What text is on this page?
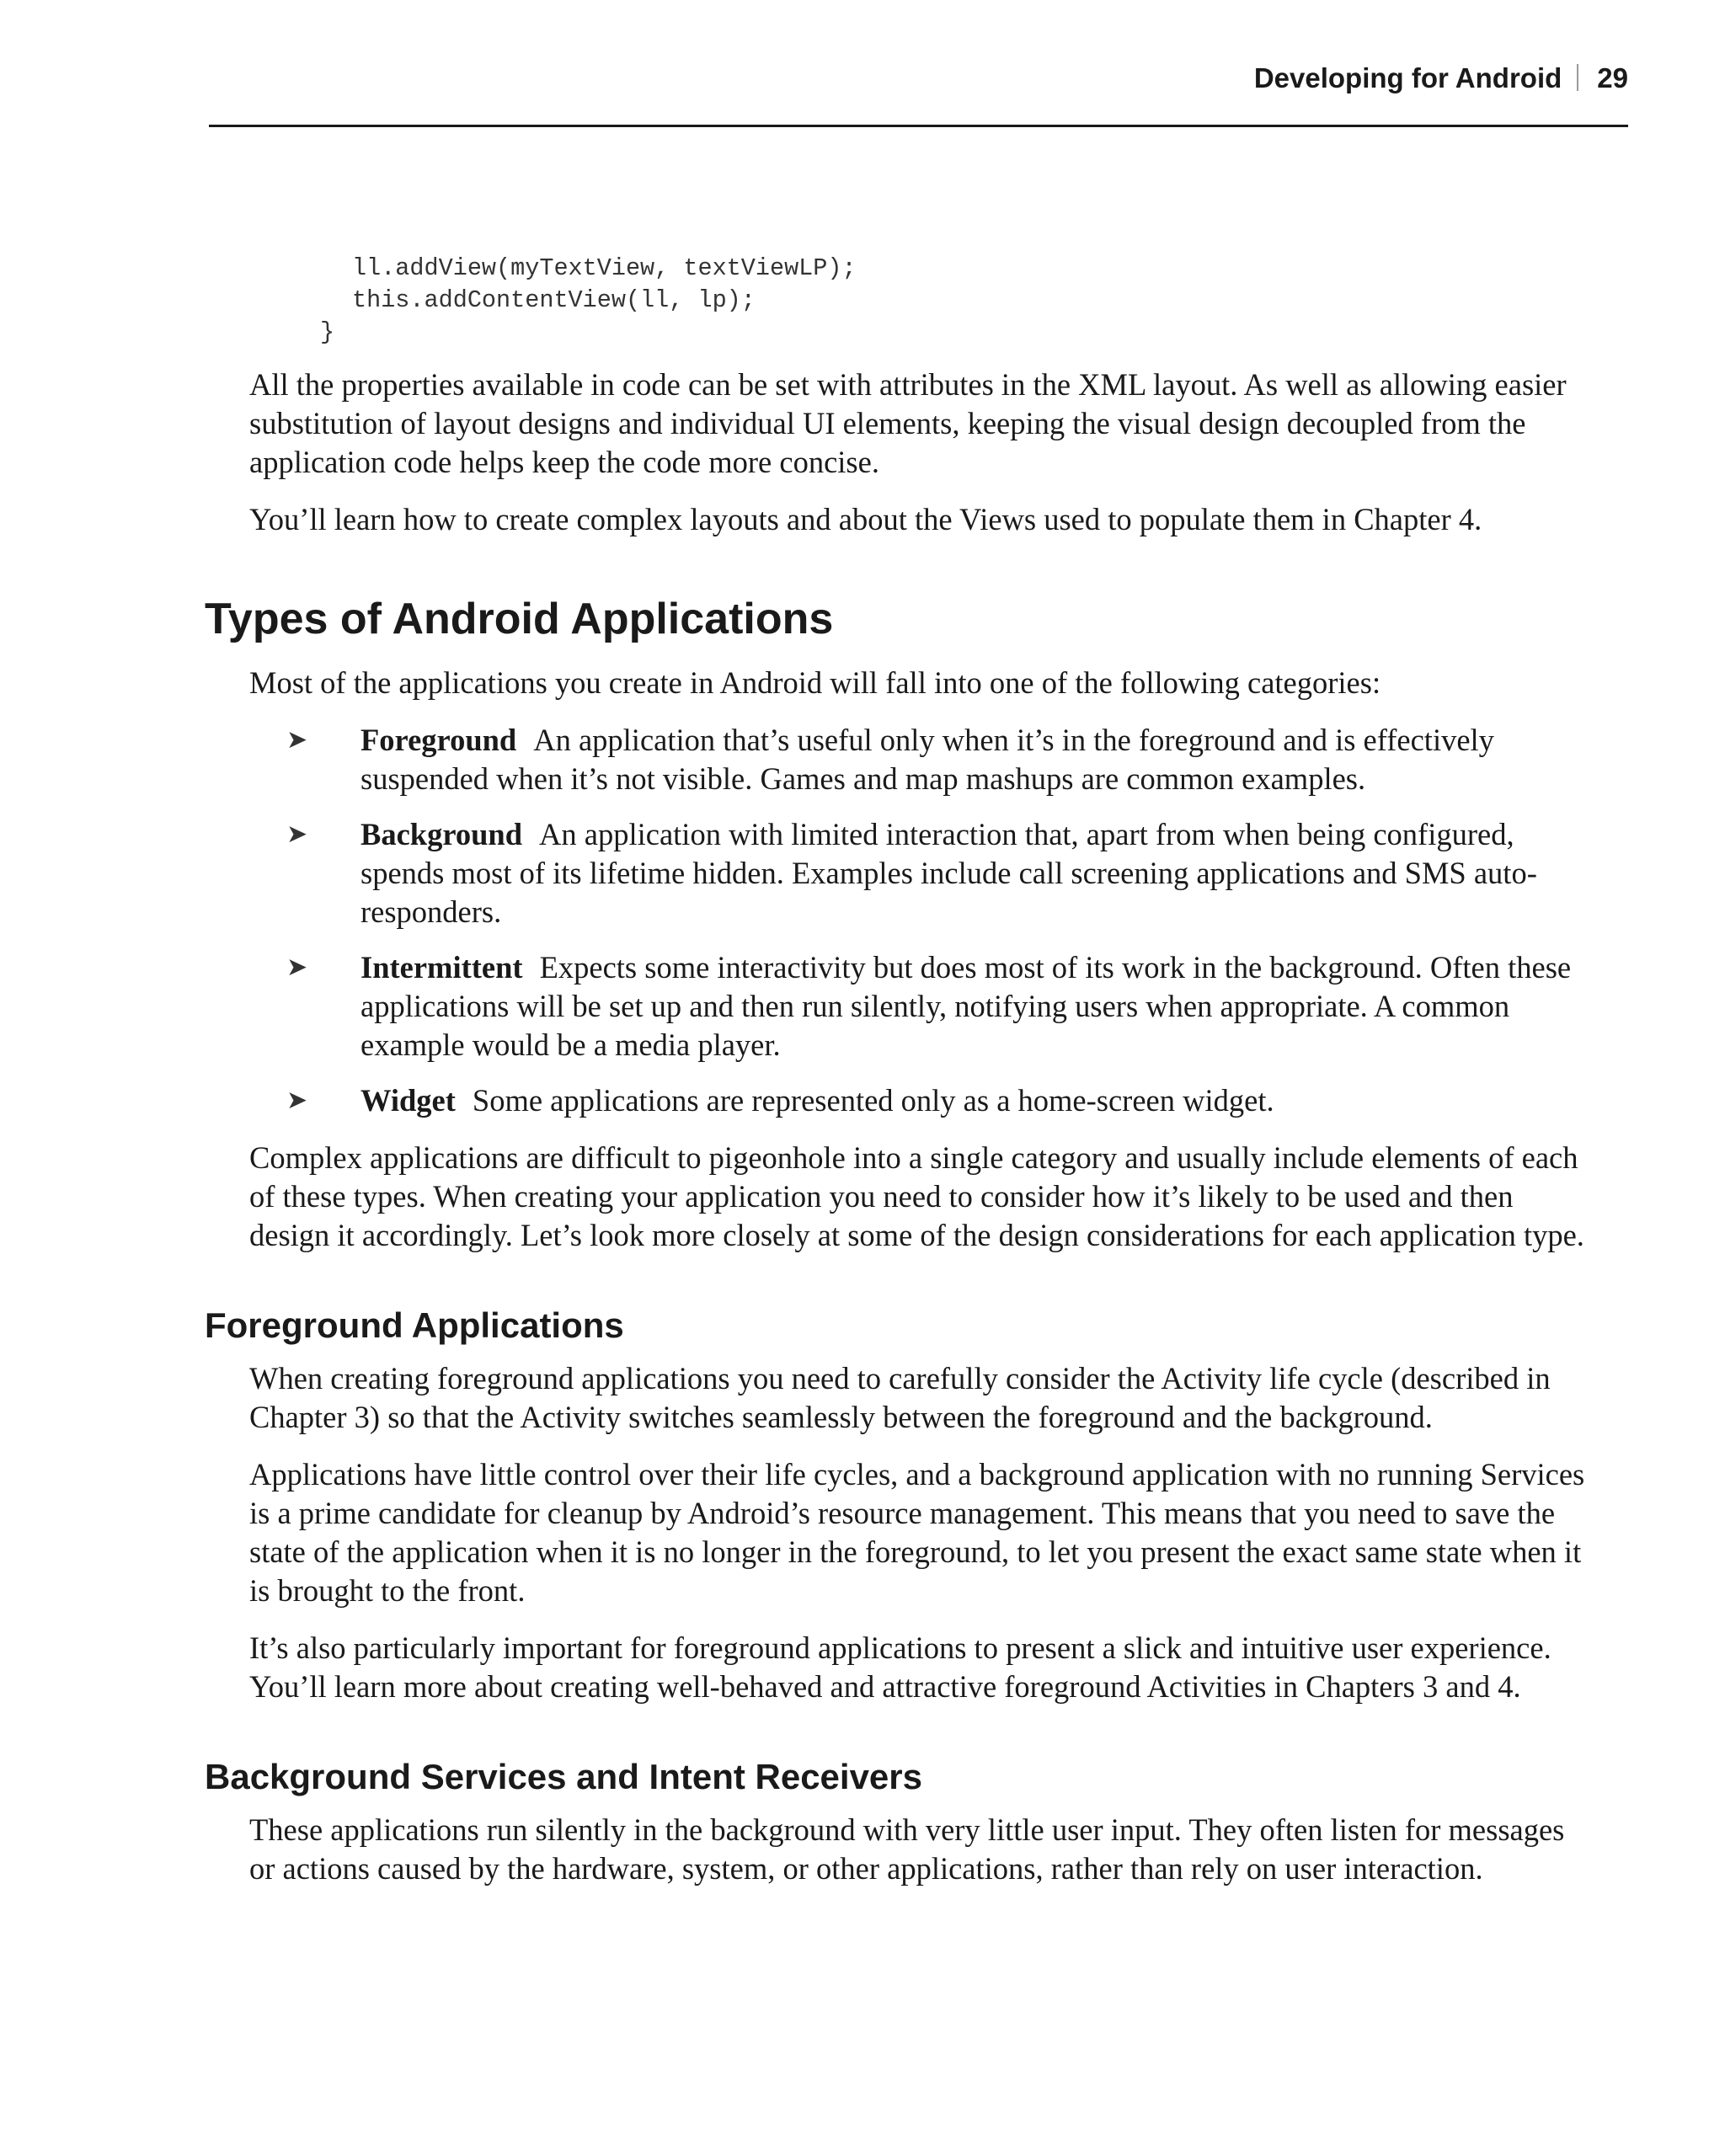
Developing for Android 29
ll.addView(myTextView, textViewLP);
this.addContentView(ll, lp);
}

All the properties available in code can be set with attributes in the XML layout. As well as allowing easier substitution of layout designs and individual UI elements, keeping the visual design decoupled from the application code helps keep the code more concise.

You’ll learn how to create complex layouts and about the Views used to populate them in Chapter 4.

Types of Android Applications

Most of the applications you create in Android will fall into one of the following categories:

➤ Foreground An application that’s useful only when it’s in the foreground and is effectively suspended when it’s not visible. Games and map mashups are common examples.
➤ Background An application with limited interaction that, apart from when being configured, spends most of its lifetime hidden. Examples include call screening applications and SMS auto-responders.
➤ Intermittent Expects some interactivity but does most of its work in the background. Often these applications will be set up and then run silently, notifying users when appropriate. A common example would be a media player.
➤ Widget Some applications are represented only as a home-screen widget.

Complex applications are difficult to pigeonhole into a single category and usually include elements of each of these types. When creating your application you need to consider how it’s likely to be used and then design it accordingly. Let’s look more closely at some of the design considerations for each application type.

Foreground Applications

When creating foreground applications you need to carefully consider the Activity life cycle (described in Chapter 3) so that the Activity switches seamlessly between the foreground and the background.

Applications have little control over their life cycles, and a background application with no running Services is a prime candidate for cleanup by Android’s resource management. This means that you need to save the state of the application when it is no longer in the foreground, to let you present the exact same state when it is brought to the front.

It’s also particularly important for foreground applications to present a slick and intuitive user experience. You’ll learn more about creating well-behaved and attractive foreground Activities in Chapters 3 and 4.

Background Services and Intent Receivers

These applications run silently in the background with very little user input. They often listen for messages or actions caused by the hardware, system, or other applications, rather than rely on user interaction.
